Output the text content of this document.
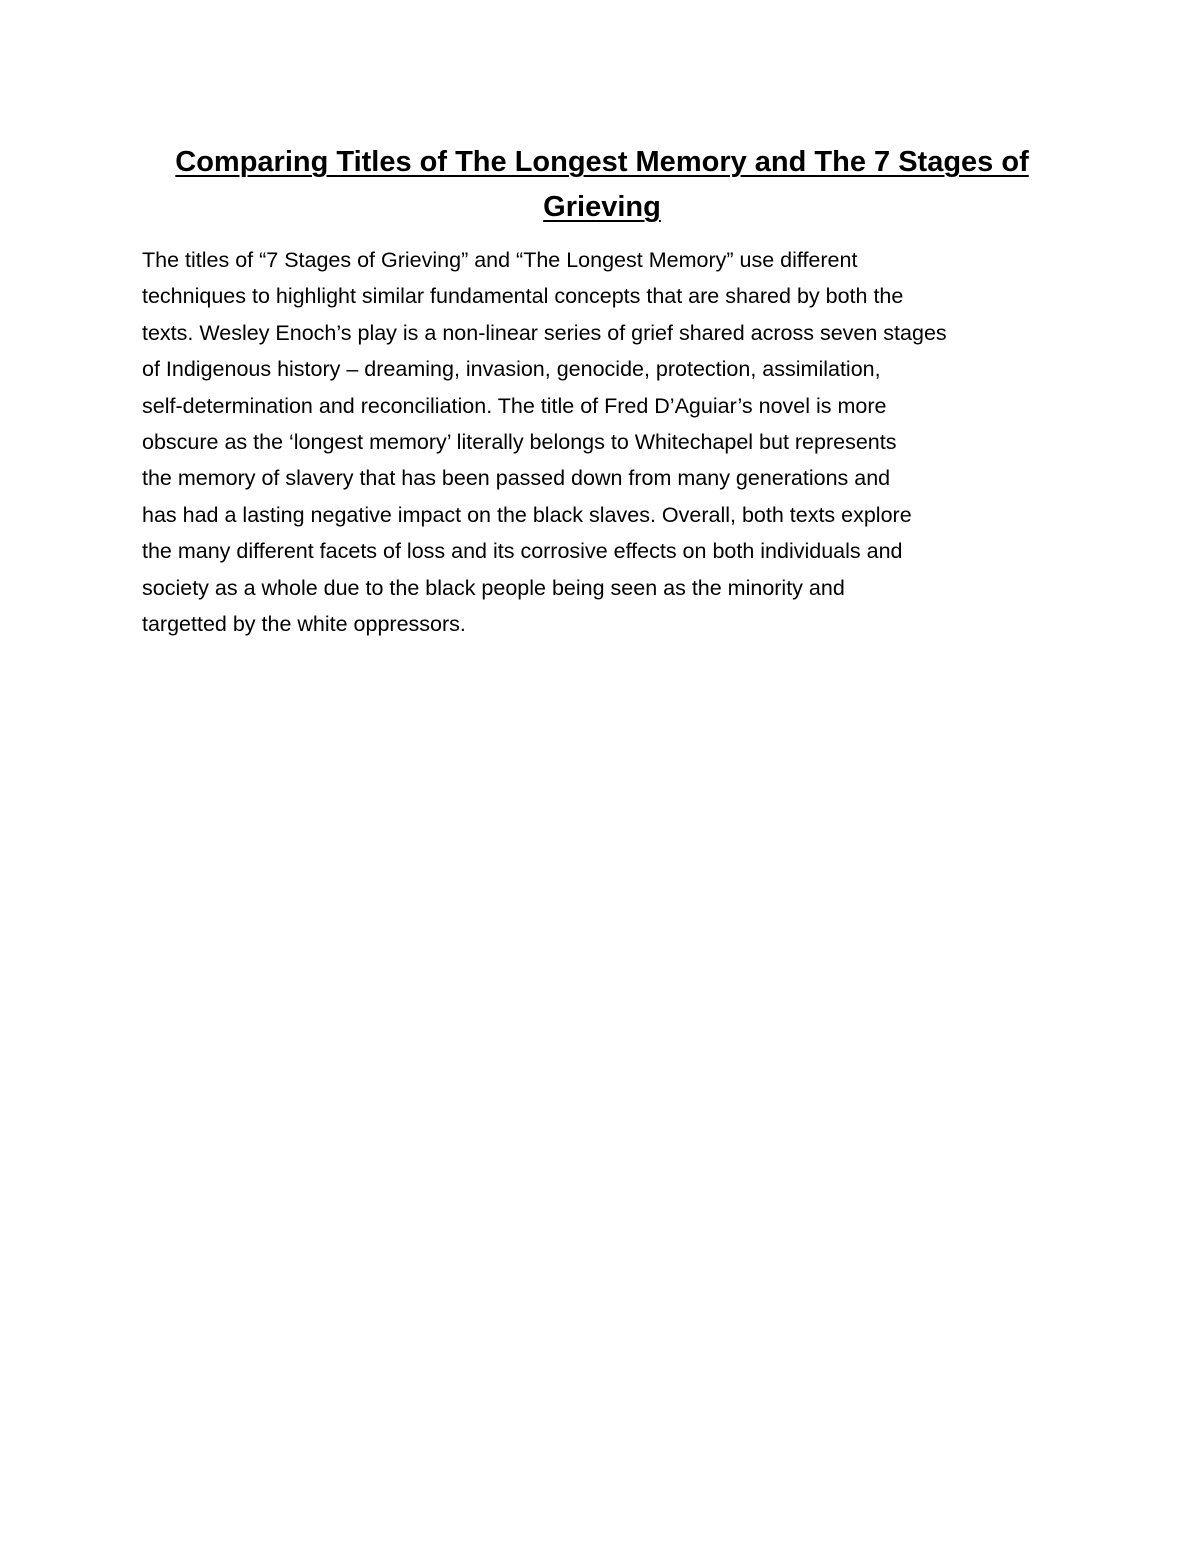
Comparing Titles of The Longest Memory and The 7 Stages of
Grieving

The titles of “7 Stages of Grieving” and “The Longest Memory” use different
techniques to highlight similar fundamental concepts that are shared by both the
texts. Wesley Enoch’s play is a non-linear series of grief shared across seven stages
of Indigenous history – dreaming, invasion, genocide, protection, assimilation,
self-determination and reconciliation. The title of Fred D’Aguiar’s novel is more
obscure as the ‘longest memory’ literally belongs to Whitechapel but represents
the memory of slavery that has been passed down from many generations and
has had a lasting negative impact on the black slaves. Overall, both texts explore
the many different facets of loss and its corrosive effects on both individuals and
society as a whole due to the black people being seen as the minority and
targetted by the white oppressors.
